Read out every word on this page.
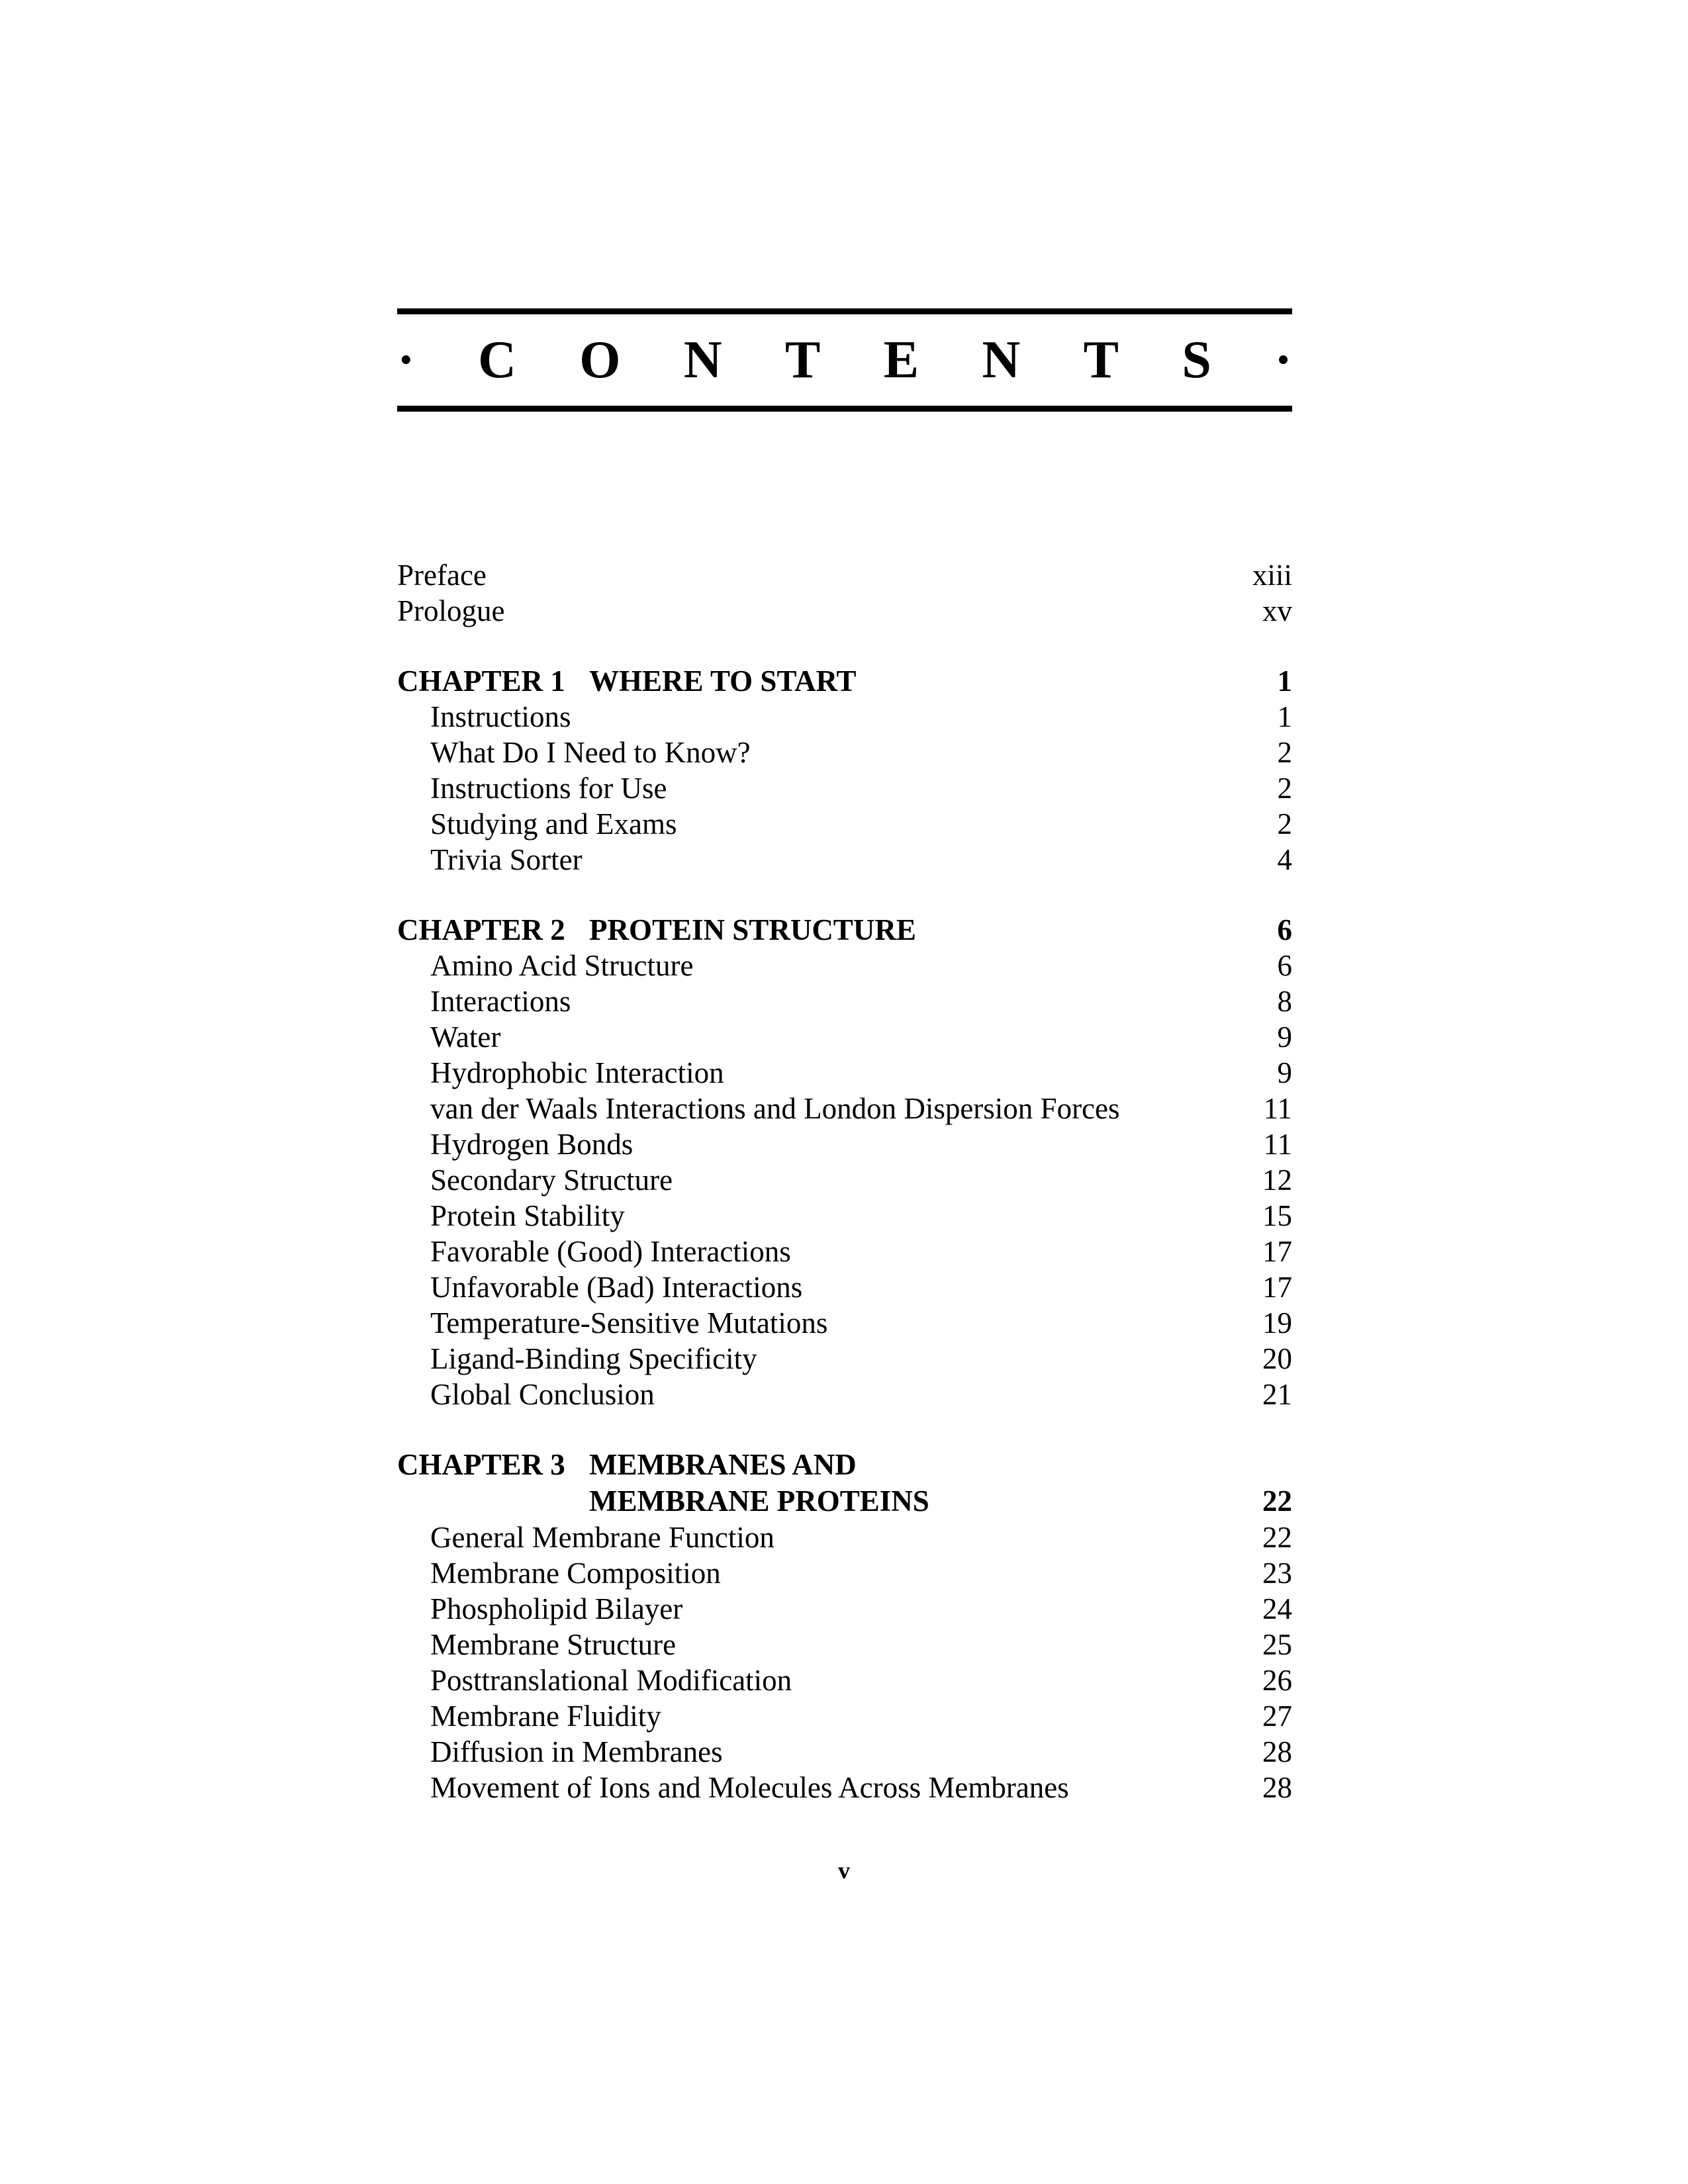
· C O N T E N T S ·
Preface	xiii
Prologue	xv
CHAPTER 1 WHERE TO START	1
Instructions	1
What Do I Need to Know?	2
Instructions for Use	2
Studying and Exams	2
Trivia Sorter	4
CHAPTER 2 PROTEIN STRUCTURE	6
Amino Acid Structure	6
Interactions	8
Water	9
Hydrophobic Interaction	9
van der Waals Interactions and London Dispersion Forces	11
Hydrogen Bonds	11
Secondary Structure	12
Protein Stability	15
Favorable (Good) Interactions	17
Unfavorable (Bad) Interactions	17
Temperature-Sensitive Mutations	19
Ligand-Binding Specificity	20
Global Conclusion	21
CHAPTER 3 MEMBRANES AND
MEMBRANE PROTEINS	22
General Membrane Function	22
Membrane Composition	23
Phospholipid Bilayer	24
Membrane Structure	25
Posttranslational Modification	26
Membrane Fluidity	27
Diffusion in Membranes	28
Movement of Ions and Molecules Across Membranes	28
v
